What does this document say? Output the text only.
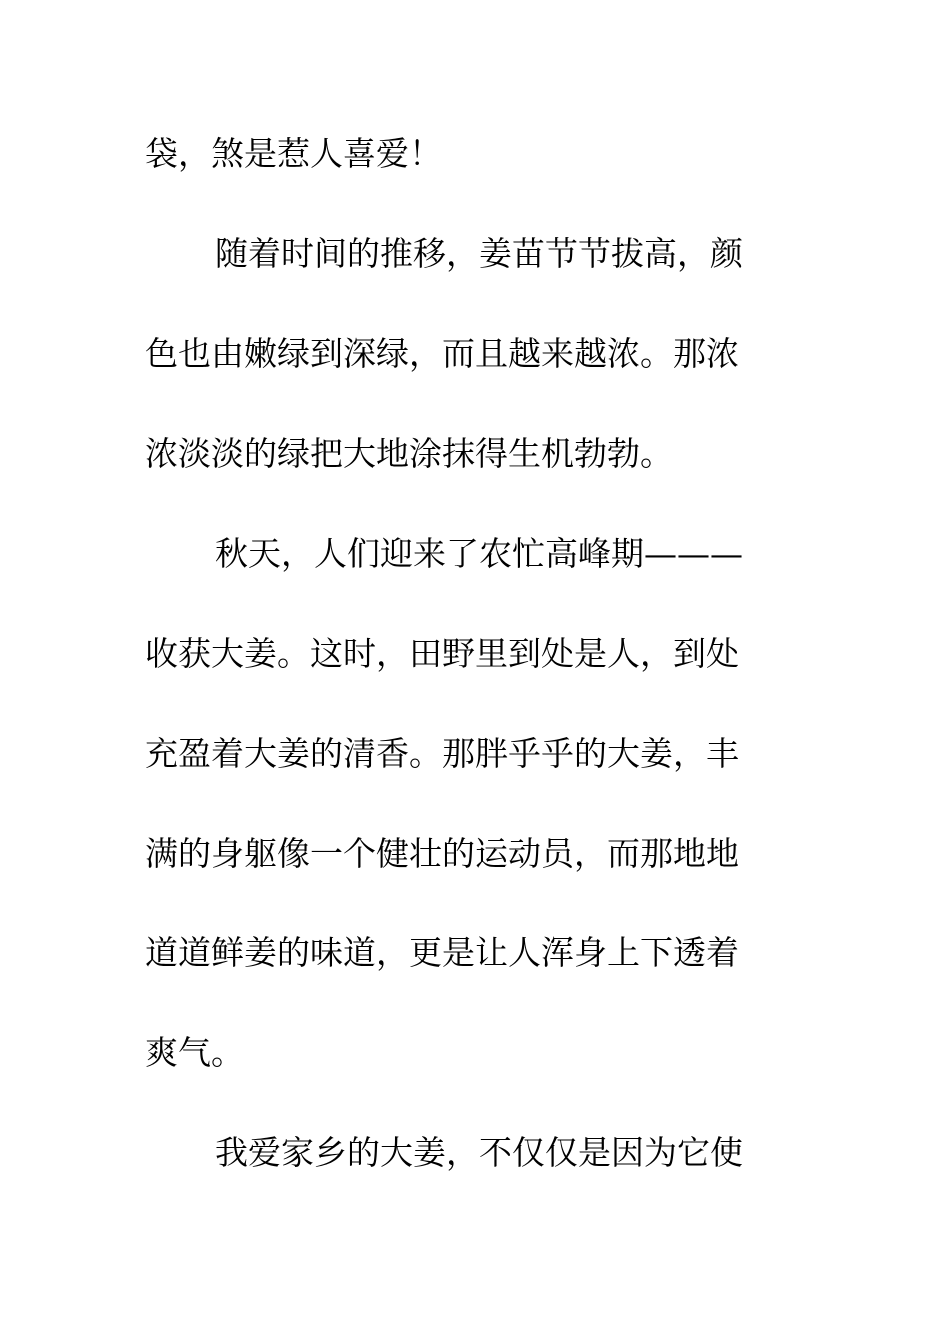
袋，煞是惹人喜爱！
随着时间的推移，姜苗节节拔高，颜
色也由嫩绿到深绿，而且越来越浓。那浓
浓淡淡的绿把大地涂抹得生机勃勃。
秋天，人们迎来了农忙高峰期———
收获大姜。这时，田野里到处是人，到处
充盈着大姜的清香。那胖乎乎的大姜，丰
满的身躯像一个健壮的运动员，而那地地
道道鲜姜的味道，更是让人浑身上下透着
爽气。
我爱家乡的大姜，不仅仅是因为它使
